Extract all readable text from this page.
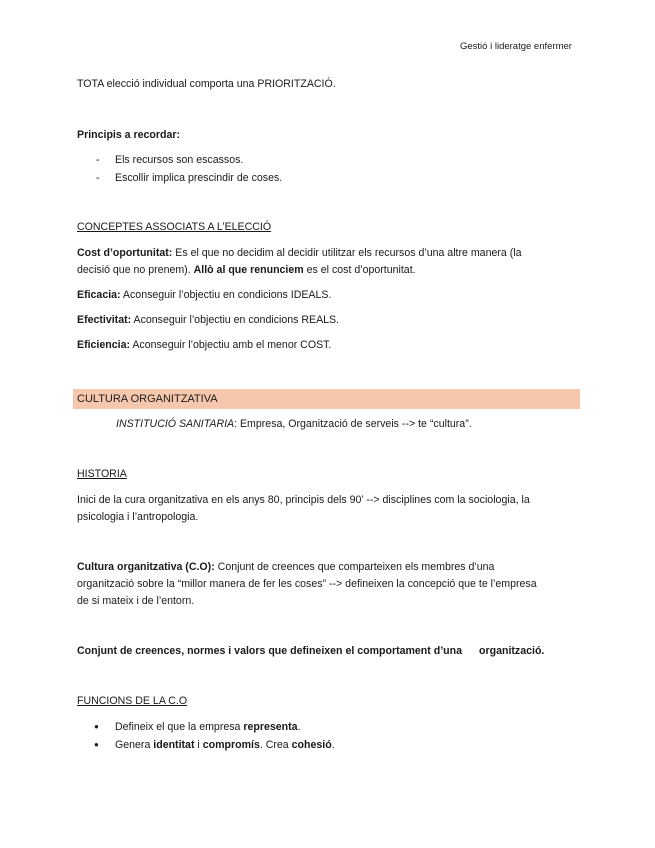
Gestió i lideratge enfermer
TOTA elecció individual comporta una PRIORITZACIÓ.
Principis a recordar:
- Els recursos son escassos.
- Escollir implica prescindir de coses.
CONCEPTES ASSOCIATS A L’ELECCIÓ
Cost d’oportunitat: Es el que no decidim al decidir utilitzar els recursos d’una altre manera (la
decisió que no prenem). Allò al que renunciem es el cost d’oportunitat.
Eficacia: Aconseguir l’objectiu en condicions IDEALS.
Efectivitat: Aconseguir l’objectiu en condicions REALS.
Eficiencia: Aconseguir l’objectiu amb el menor COST.
CULTURA ORGANITZATIVA
INSTITUCIÓ SANITARIA: Empresa, Organització de serveis --> te “cultura”.
HISTORIA
Inici de la cura organitzativa en els anys 80, principis dels 90’ --> disciplines com la sociologia, la
psicologia i l’antropologia.
Cultura organitzativa (C.O): Conjunt de creences que comparteixen els membres d’una
organització sobre la “millor manera de fer les coses” --> defineixen la concepció que te l’empresa
de si mateix i de l’entorn.
Conjunt de creences, normes i valors que defineixen el comportament d’una organització.
FUNCIONS DE LA C.O
● Defineix el que la empresa representa.
● Genera identitat i compromís. Crea cohesió.
